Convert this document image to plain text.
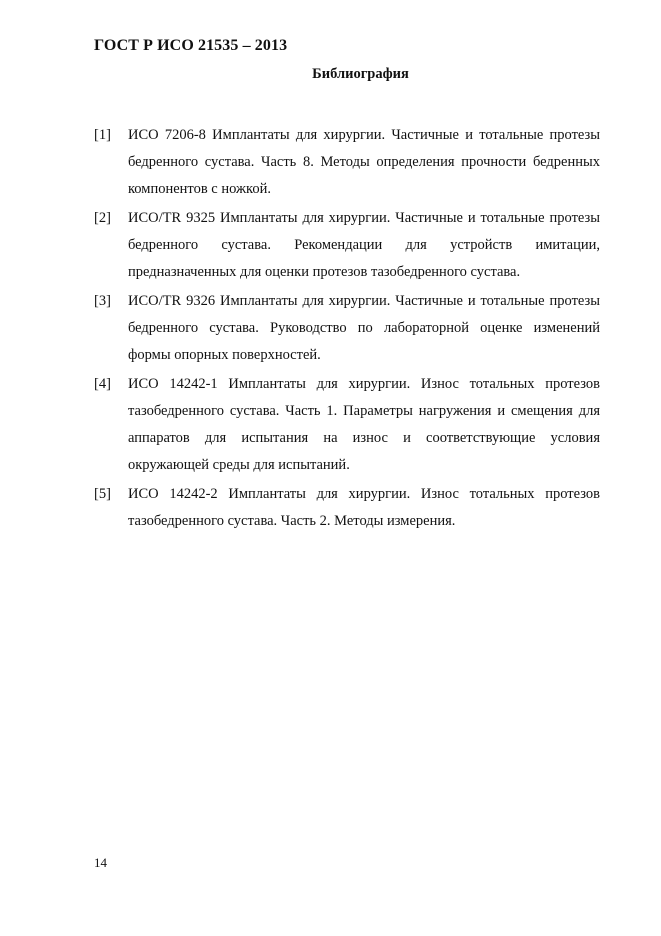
ГОСТ Р ИСО 21535 – 2013
Библиография
[1] ИСО 7206-8 Имплантаты для хирургии. Частичные и тотальные протезы бедренного сустава. Часть 8. Методы определения прочности бедренных компонентов с ножкой.
[2] ИСО/TR 9325 Имплантаты для хирургии. Частичные и тотальные протезы бедренного сустава. Рекомендации для устройств имитации, предназначенных для оценки протезов тазобедренного сустава.
[3] ИСО/TR 9326 Имплантаты для хирургии. Частичные и тотальные протезы бедренного сустава. Руководство по лабораторной оценке изменений формы опорных поверхностей.
[4] ИСО 14242-1 Имплантаты для хирургии. Износ тотальных протезов тазобедренного сустава. Часть 1. Параметры нагружения и смещения для аппаратов для испытания на износ и соответствующие условия окружающей среды для испытаний.
[5] ИСО 14242-2 Имплантаты для хирургии. Износ тотальных протезов тазобедренного сустава. Часть 2. Методы измерения.
14
